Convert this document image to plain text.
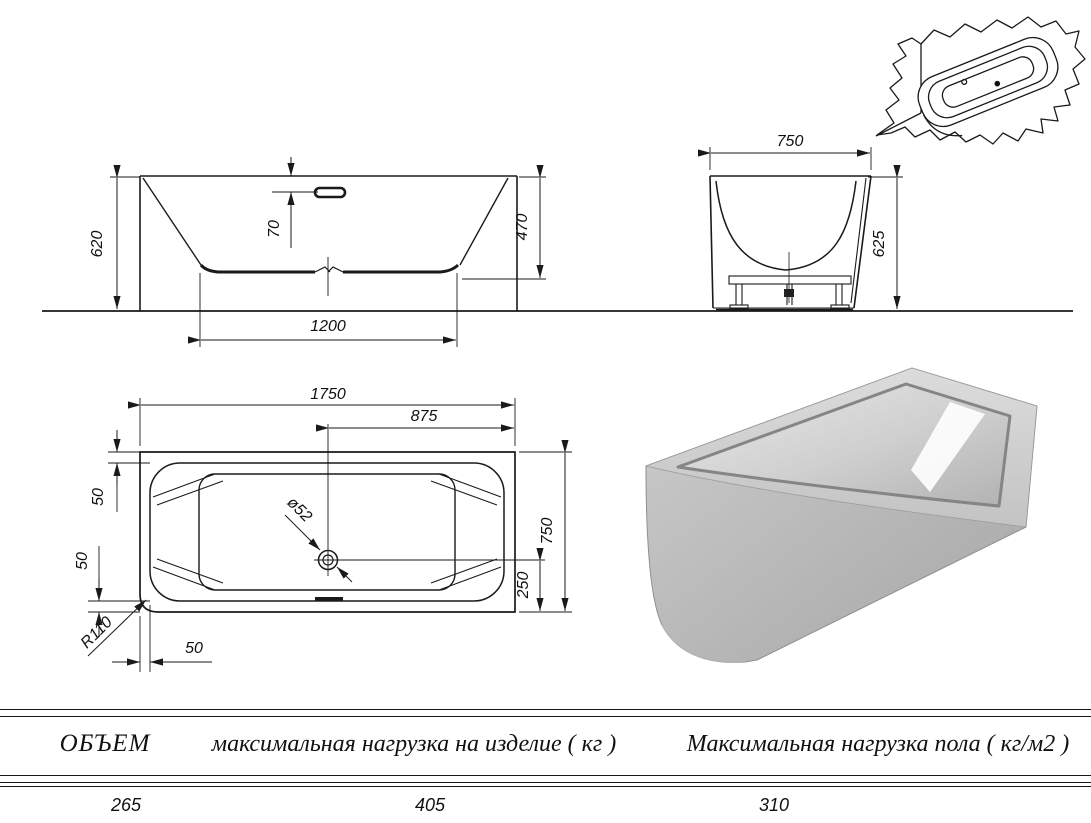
620
70	470
1200
750
625
1750
875
50
50
50
ø52
750
250
R110
ОБЪЕМ	максимальная нагрузка на изделие ( кг )	Максимальная нагрузка пола ( кг/м2 )
265	405	310
